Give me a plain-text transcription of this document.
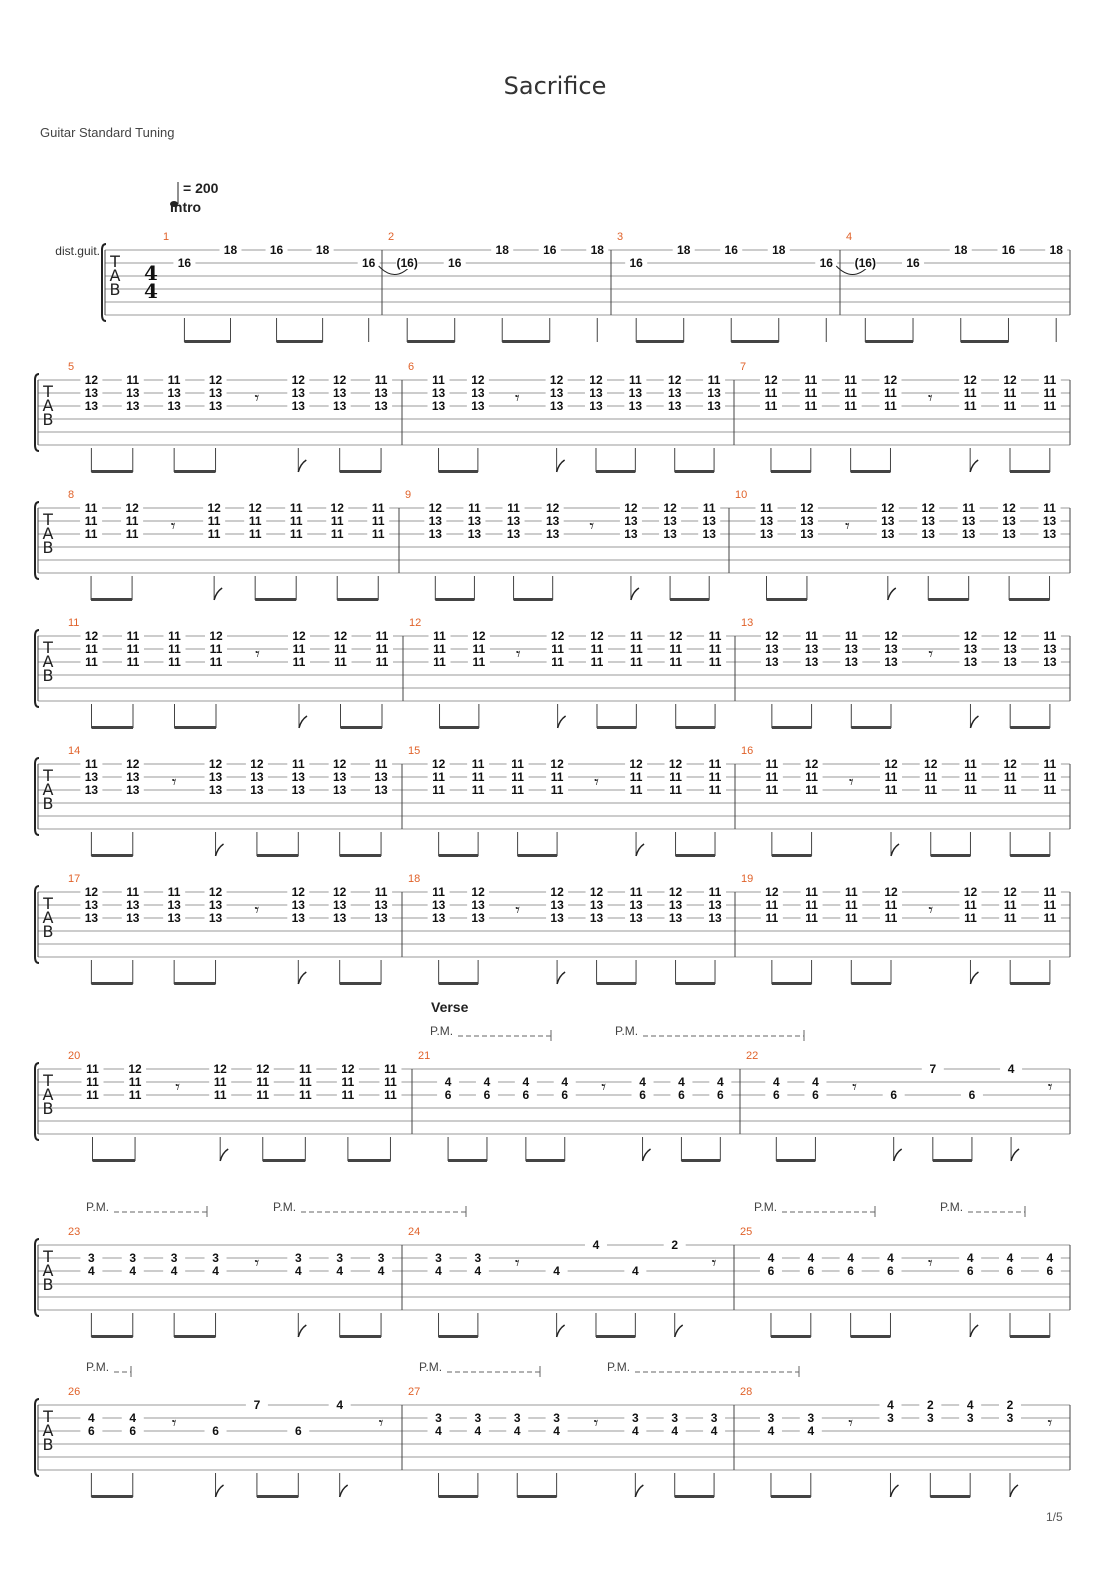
Sacrifice
Guitar Standard Tuning
T
A
B
dist.guit.
4
4
= 200
Intro
1
16
18	16	18
16
2
(16)	16
18	16	18
3
16
18	16	18
16
4
(16)	16
18	16	18
T
A
B
5
12
13
13
11
13
13
11
13
13
12
13
13 𝄾
12
13
13
12
13
13
11
13
13
6
11
13
13
12
13
13 𝄾
12
13
13
12
13
13
11
13
13
12
13
13
11
13
13
7
12
11
11
11
11
11
11
11
11
12
11
11 𝄾
12
11
11
12
11
11
11
11
11
T
A
B
8
11
11
11
12
11
11 𝄾
12
11
11
12
11
11
11
11
11
12
11
11
11
11
11
9
12
13
13
11
13
13
11
13
13
12
13
13 𝄾
12
13
13
12
13
13
11
13
13
10
11
13
13
12
13
13 𝄾
12
13
13
12
13
13
11
13
13
12
13
13
11
13
13
T
A
B
11
12
11
11
11
11
11
11
11
11
12
11
11 𝄾
12
11
11
12
11
11
11
11
11
12
11
11
11
12
11
11 𝄾
12
11
11
12
11
11
11
11
11
12
11
11
11
11
11
13
12
13
13
11
13
13
11
13
13
12
13
13 𝄾
12
13
13
12
13
13
11
13
13
T
A
B
14
11
13
13
12
13
13 𝄾
12
13
13
12
13
13
11
13
13
12
13
13
11
13
13
15
12
11
11
11
11
11
11
11
11
12
11
11 𝄾
12
11
11
12
11
11
11
11
11
16
11
11
11
12
11
11 𝄾
12
11
11
12
11
11
11
11
11
12
11
11
11
11
11
T
A
B
17
12
13
13
11
13
13
11
13
13
12
13
13 𝄾
12
13
13
12
13
13
11
13
13
18
11
13
13
12
13
13 𝄾
12
13
13
12
13
13
11
13
13
12
13
13
11
13
13
19
12
11
11
11
11
11
11
11
11
12
11
11 𝄾
12
11
11
12
11
11
11
11
11
T
A
B
Verse
20
11
11
11
12
11
11 𝄾
12
11
11
12
11
11
11
11
11
12
11
11
11
11
11
21
4
6
4
6
4
6
4
6 𝄾	4
6
4
6
4
6
22
4
6
4
6 𝄾	6
7
6
4
𝄾
T
A
B
23
3
4
3
4
3
4
3
4 𝄾	3
4
3
4
3
4
24
3
4
3
4 𝄾	4
4
4
2
𝄾
25
4
6
4
6
4
6
4
6 𝄾	4
6
4
6
4
6
T
A
B
26
4
6
4
6 𝄾	6
7
6
4
𝄾
27
3
4
3
4
3
4
3
4 𝄾	3
4
3
4
3
4
28
3
4
3
4 𝄾
4
3
2
3
4
3
2
3 𝄾
P.M.	P.M.
P.M.	P.M.	P.M.	P.M.
P.M.	P.M.	P.M.
1/5
